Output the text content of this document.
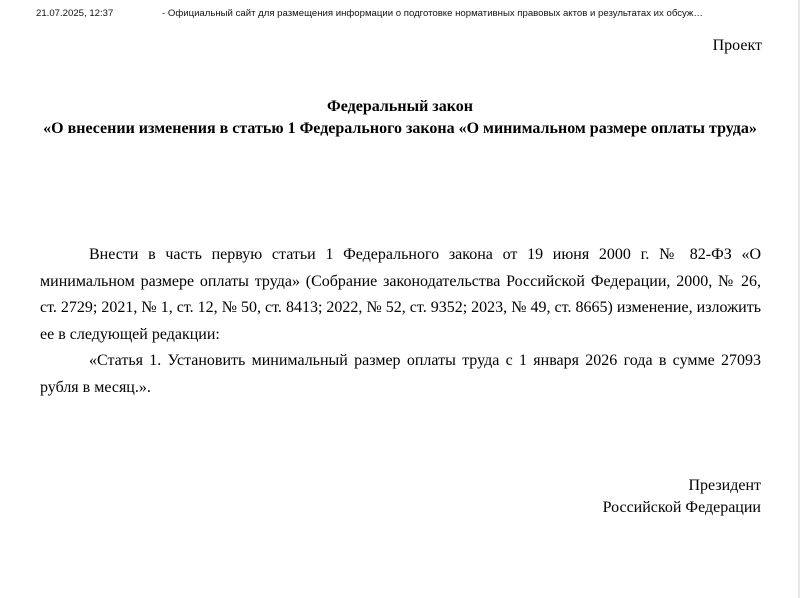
21.07.2025, 12:37	- Официальный сайт для размещения информации о подготовке нормативных правовых актов и результатах их обсуж…
Проект
Федеральный закон
«О внесении изменения в статью 1 Федерального закона «О минимальном размере оплаты труда»

Внести в часть первую статьи 1 Федерального закона от 19 июня 2000 г. № 82-ФЗ «О минимальном размере оплаты труда» (Собрание законодательства Российской Федерации, 2000, № 26, ст. 2729; 2021, № 1, ст. 12, № 50, ст. 8413; 2022, № 52, ст. 9352; 2023, № 49, ст. 8665) изменение, изложить ее в следующей редакции:

«Статья 1. Установить минимальный размер оплаты труда с 1 января 2026 года в сумме 27093 рубля в месяц.».

Президент
Российской Федерации
